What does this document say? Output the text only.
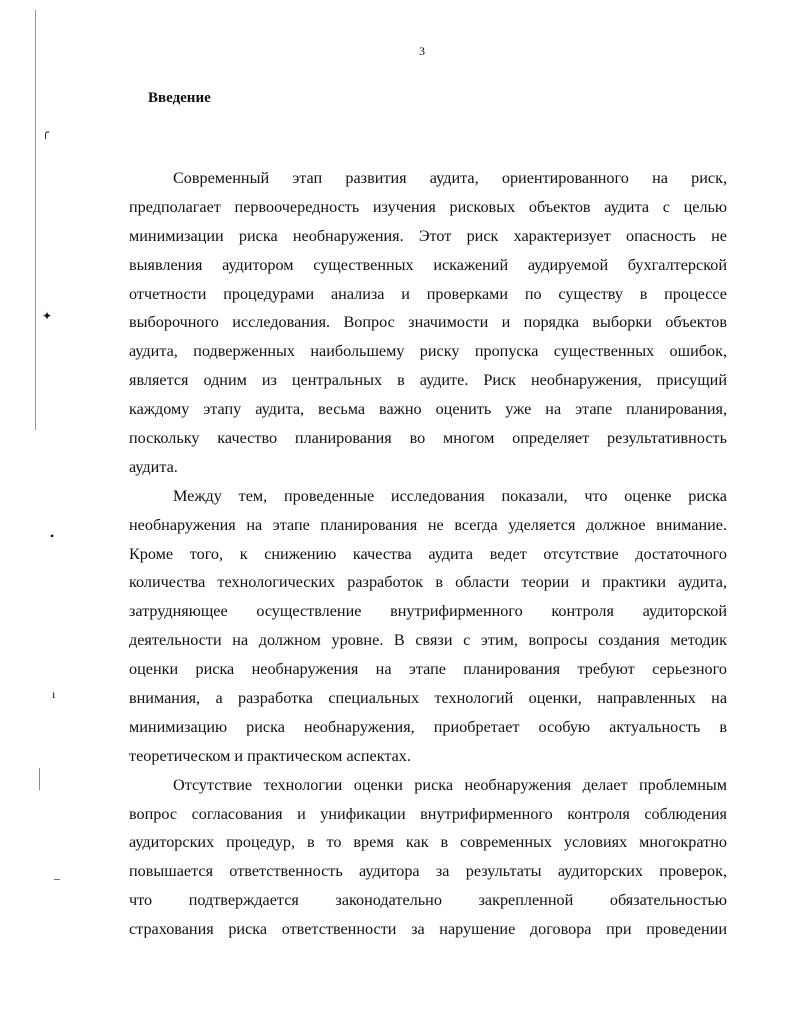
╭
✦
•
ı
–
3
Введение
Современный этап развития аудита, ориентированного на риск,
предполагает первоочередность изучения рисковых объектов аудита с целью
минимизации риска необнаружения. Этот риск характеризует опасность не
выявления аудитором существенных искажений аудируемой бухгалтерской
отчетности процедурами анализа и проверками по существу в процессе
выборочного исследования. Вопрос значимости и порядка выборки объектов
аудита, подверженных наибольшему риску пропуска существенных ошибок,
является одним из центральных в аудите. Риск необнаружения, присущий
каждому этапу аудита, весьма важно оценить уже на этапе планирования,
поскольку качество планирования во многом определяет результативность
аудита.
Между тем, проведенные исследования показали, что оценке риска
необнаружения на этапе планирования не всегда уделяется должное внимание.
Кроме того, к снижению качества аудита ведет отсутствие достаточного
количества технологических разработок в области теории и практики аудита,
затрудняющее осуществление внутрифирменного контроля аудиторской
деятельности на должном уровне. В связи с этим, вопросы создания методик
оценки риска необнаружения на этапе планирования требуют серьезного
внимания, а разработка специальных технологий оценки, направленных на
минимизацию риска необнаружения, приобретает особую актуальность в
теоретическом и практическом аспектах.
Отсутствие технологии оценки риска необнаружения делает проблемным
вопрос согласования и унификации внутрифирменного контроля соблюдения
аудиторских процедур, в то время как в современных условиях многократно
повышается ответственность аудитора за результаты аудиторских проверок,
что подтверждается законодательно закрепленной обязательностью
страхования риска ответственности за нарушение договора при проведении
